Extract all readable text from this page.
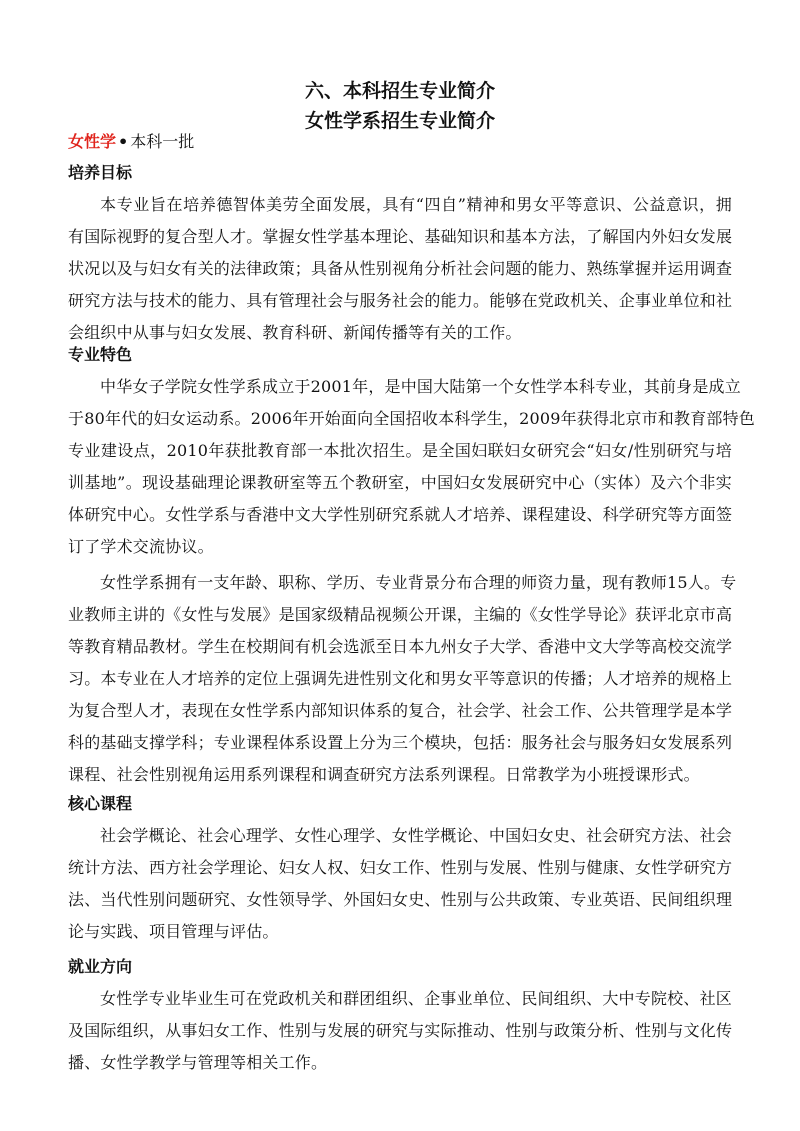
六、本科招生专业简介
女性学系招生专业简介

女性学 • 本科一批

培养目标
本专业旨在培养德智体美劳全面发展，具有“四自”精神和男女平等意识、公益意识，拥
有国际视野的复合型人才。掌握女性学基本理论、基础知识和基本方法，了解国内外妇女发展
状况以及与妇女有关的法律政策；具备从性别视角分析社会问题的能力、熟练掌握并运用调查
研究方法与技术的能力、具有管理社会与服务社会的能力。能够在党政机关、企事业单位和社
会组织中从事与妇女发展、教育科研、新闻传播等有关的工作。
专业特色
中华女子学院女性学系成立于2001年，是中国大陆第一个女性学本科专业，其前身是成立
于80年代的妇女运动系。2006年开始面向全国招收本科学生，2009年获得北京市和教育部特色
专业建设点，2010年获批教育部一本批次招生。是全国妇联妇女研究会“妇女/性别研究与培
训基地”。现设基础理论课教研室等五个教研室，中国妇女发展研究中心（实体）及六个非实
体研究中心。女性学系与香港中文大学性别研究系就人才培养、课程建设、科学研究等方面签
订了学术交流协议。
女性学系拥有一支年龄、职称、学历、专业背景分布合理的师资力量，现有教师15人。专
业教师主讲的《女性与发展》是国家级精品视频公开课，主编的《女性学导论》获评北京市高
等教育精品教材。学生在校期间有机会选派至日本九州女子大学、香港中文大学等高校交流学
习。本专业在人才培养的定位上强调先进性别文化和男女平等意识的传播；人才培养的规格上
为复合型人才，表现在女性学系内部知识体系的复合，社会学、社会工作、公共管理学是本学
科的基础支撑学科；专业课程体系设置上分为三个模块，包括：服务社会与服务妇女发展系列
课程、社会性别视角运用系列课程和调查研究方法系列课程。日常教学为小班授课形式。
核心课程
社会学概论、社会心理学、女性心理学、女性学概论、中国妇女史、社会研究方法、社会
统计方法、西方社会学理论、妇女人权、妇女工作、性别与发展、性别与健康、女性学研究方
法、当代性别问题研究、女性领导学、外国妇女史、性别与公共政策、专业英语、民间组织理
论与实践、项目管理与评估。
就业方向
女性学专业毕业生可在党政机关和群团组织、企事业单位、民间组织、大中专院校、社区
及国际组织，从事妇女工作、性别与发展的研究与实际推动、性别与政策分析、性别与文化传
播、女性学教学与管理等相关工作。
